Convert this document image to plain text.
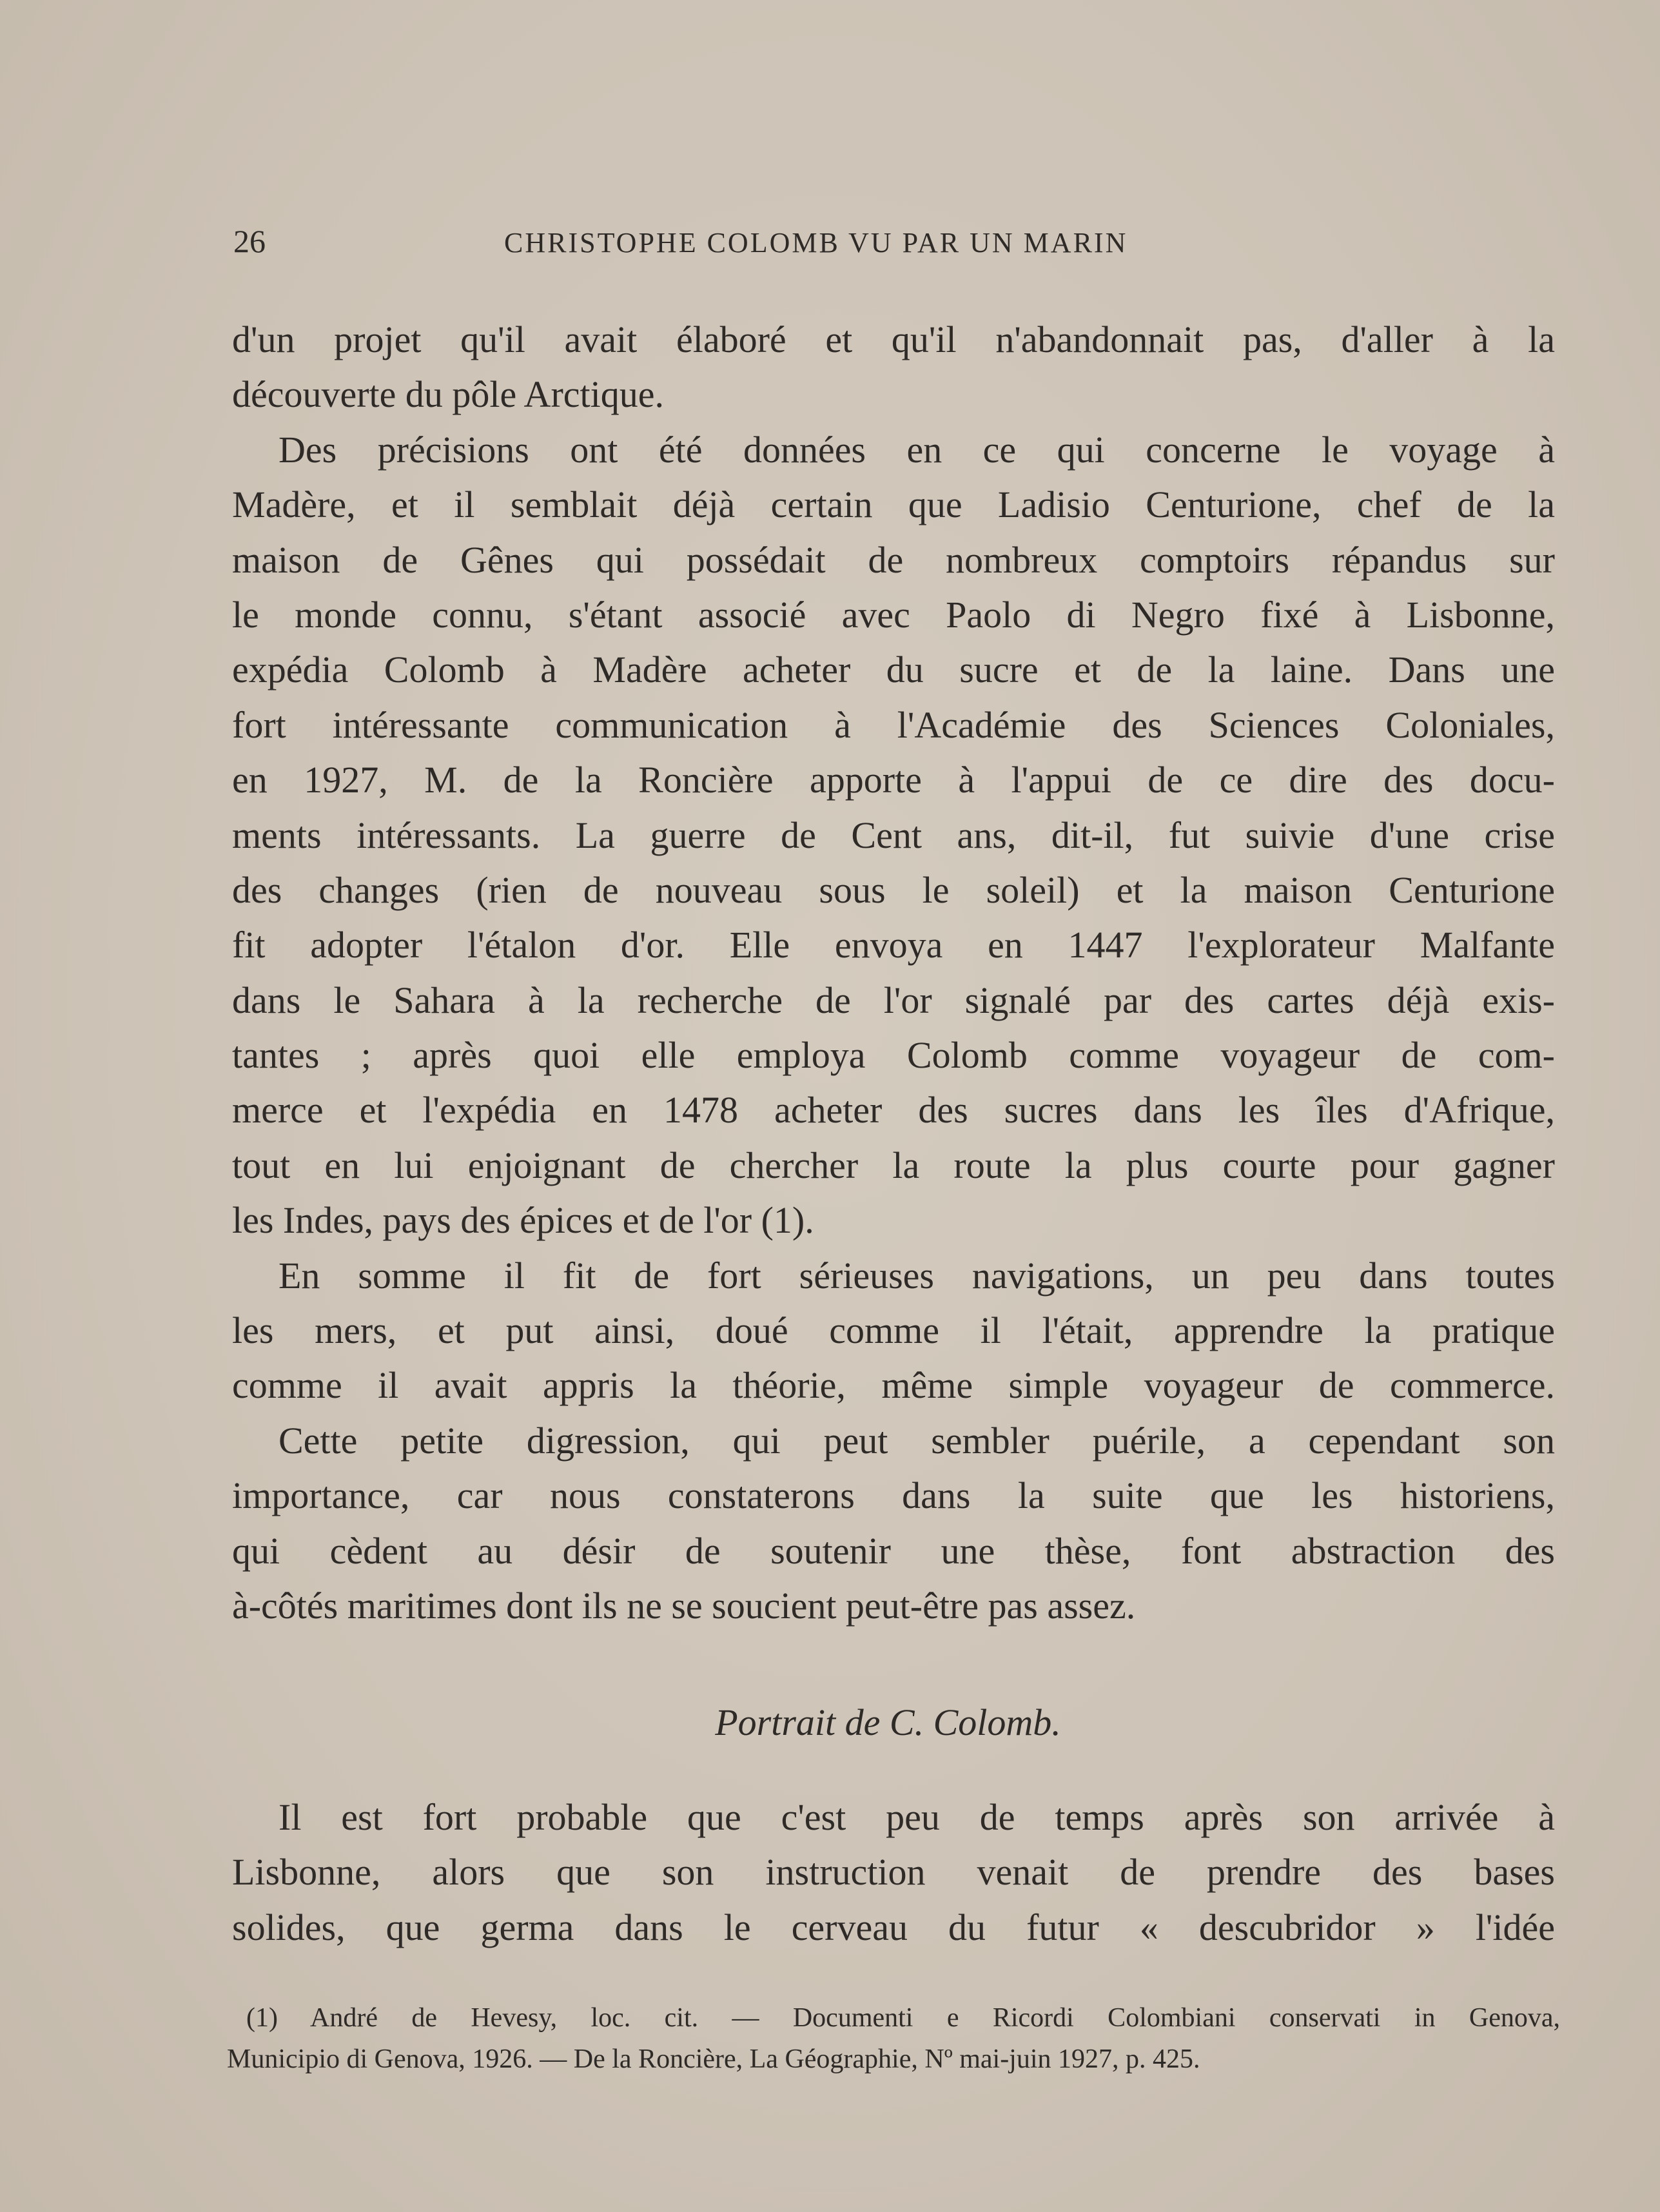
26	CHRISTOPHE COLOMB VU PAR UN MARIN
d'un projet qu'il avait élaboré et qu'il n'abandonnait pas, d'aller à la
découverte du pôle Arctique.
Des précisions ont été données en ce qui concerne le voyage à
Madère, et il semblait déjà certain que Ladisio Centurione, chef de la
maison de Gênes qui possédait de nombreux comptoirs répandus sur
le monde connu, s'étant associé avec Paolo di Negro fixé à Lisbonne,
expédia Colomb à Madère acheter du sucre et de la laine. Dans une
fort intéressante communication à l'Académie des Sciences Coloniales,
en 1927, M. de la Roncière apporte à l'appui de ce dire des docu-
ments intéressants. La guerre de Cent ans, dit-il, fut suivie d'une crise
des changes (rien de nouveau sous le soleil) et la maison Centurione
fit adopter l'étalon d'or. Elle envoya en 1447 l'explorateur Malfante
dans le Sahara à la recherche de l'or signalé par des cartes déjà exis-
tantes ; après quoi elle employa Colomb comme voyageur de com-
merce et l'expédia en 1478 acheter des sucres dans les îles d'Afrique,
tout en lui enjoignant de chercher la route la plus courte pour gagner
les Indes, pays des épices et de l'or (1).
En somme il fit de fort sérieuses navigations, un peu dans toutes
les mers, et put ainsi, doué comme il l'était, apprendre la pratique
comme il avait appris la théorie, même simple voyageur de commerce.
Cette petite digression, qui peut sembler puérile, a cependant son
importance, car nous constaterons dans la suite que les historiens,
qui cèdent au désir de soutenir une thèse, font abstraction des
à-côtés maritimes dont ils ne se soucient peut-être pas assez.
Portrait de C. Colomb.
Il est fort probable que c'est peu de temps après son arrivée à
Lisbonne, alors que son instruction venait de prendre des bases
solides, que germa dans le cerveau du futur « descubridor » l'idée
(1) André de Hevesy, loc. cit. — Documenti e Ricordi Colombiani conservati in Genova,
Municipio di Genova, 1926. — De la Roncière, La Géographie, Nº mai-juin 1927, p. 425.
